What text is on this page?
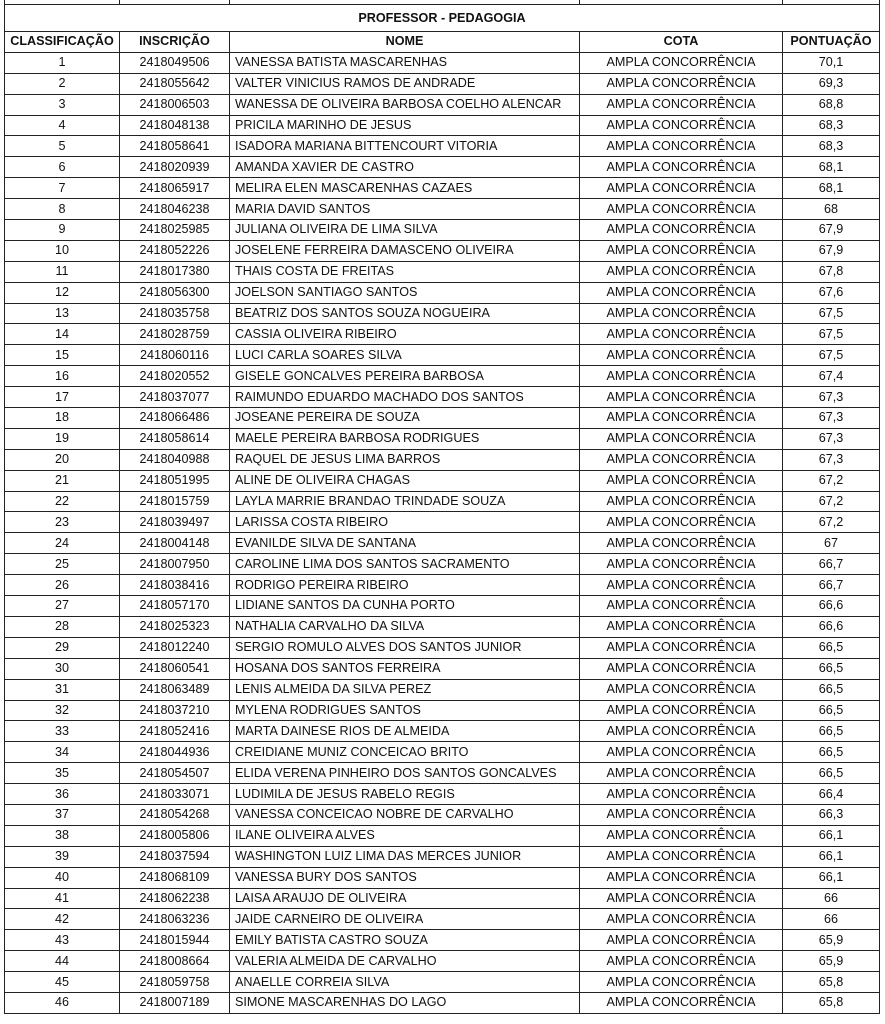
PROFESSOR - PEDAGOGIA				
CLASSIFICAÇÃO	INSCRIÇÃO	NOME	COTA	PONTUAÇÃO
1	2418049506	VANESSA BATISTA MASCARENHAS	AMPLA CONCORRÊNCIA	70,1
2	2418055642	VALTER VINICIUS RAMOS DE ANDRADE	AMPLA CONCORRÊNCIA	69,3
3	2418006503	WANESSA DE OLIVEIRA BARBOSA COELHO ALENCAR	AMPLA CONCORRÊNCIA	68,8
4	2418048138	PRICILA MARINHO DE JESUS	AMPLA CONCORRÊNCIA	68,3
5	2418058641	ISADORA MARIANA BITTENCOURT VITORIA	AMPLA CONCORRÊNCIA	68,3
6	2418020939	AMANDA XAVIER DE CASTRO	AMPLA CONCORRÊNCIA	68,1
7	2418065917	MELIRA ELEN MASCARENHAS CAZAES	AMPLA CONCORRÊNCIA	68,1
8	2418046238	MARIA DAVID SANTOS	AMPLA CONCORRÊNCIA	68
9	2418025985	JULIANA OLIVEIRA DE LIMA SILVA	AMPLA CONCORRÊNCIA	67,9
10	2418052226	JOSELENE FERREIRA DAMASCENO OLIVEIRA	AMPLA CONCORRÊNCIA	67,9
11	2418017380	THAIS COSTA DE FREITAS	AMPLA CONCORRÊNCIA	67,8
12	2418056300	JOELSON SANTIAGO SANTOS	AMPLA CONCORRÊNCIA	67,6
13	2418035758	BEATRIZ DOS SANTOS SOUZA NOGUEIRA	AMPLA CONCORRÊNCIA	67,5
14	2418028759	CASSIA OLIVEIRA RIBEIRO	AMPLA CONCORRÊNCIA	67,5
15	2418060116	LUCI CARLA SOARES SILVA	AMPLA CONCORRÊNCIA	67,5
16	2418020552	GISELE GONCALVES PEREIRA BARBOSA	AMPLA CONCORRÊNCIA	67,4
17	2418037077	RAIMUNDO EDUARDO MACHADO DOS SANTOS	AMPLA CONCORRÊNCIA	67,3
18	2418066486	JOSEANE PEREIRA DE SOUZA	AMPLA CONCORRÊNCIA	67,3
19	2418058614	MAELE PEREIRA BARBOSA RODRIGUES	AMPLA CONCORRÊNCIA	67,3
20	2418040988	RAQUEL DE JESUS LIMA BARROS	AMPLA CONCORRÊNCIA	67,3
21	2418051995	ALINE DE OLIVEIRA CHAGAS	AMPLA CONCORRÊNCIA	67,2
22	2418015759	LAYLA MARRIE BRANDAO TRINDADE SOUZA	AMPLA CONCORRÊNCIA	67,2
23	2418039497	LARISSA COSTA RIBEIRO	AMPLA CONCORRÊNCIA	67,2
24	2418004148	EVANILDE SILVA DE SANTANA	AMPLA CONCORRÊNCIA	67
25	2418007950	CAROLINE LIMA DOS SANTOS SACRAMENTO	AMPLA CONCORRÊNCIA	66,7
26	2418038416	RODRIGO PEREIRA RIBEIRO	AMPLA CONCORRÊNCIA	66,7
27	2418057170	LIDIANE SANTOS DA CUNHA PORTO	AMPLA CONCORRÊNCIA	66,6
28	2418025323	NATHALIA CARVALHO DA SILVA	AMPLA CONCORRÊNCIA	66,6
29	2418012240	SERGIO ROMULO ALVES DOS SANTOS JUNIOR	AMPLA CONCORRÊNCIA	66,5
30	2418060541	HOSANA DOS SANTOS FERREIRA	AMPLA CONCORRÊNCIA	66,5
31	2418063489	LENIS ALMEIDA DA SILVA PEREZ	AMPLA CONCORRÊNCIA	66,5
32	2418037210	MYLENA RODRIGUES SANTOS	AMPLA CONCORRÊNCIA	66,5
33	2418052416	MARTA DAINESE RIOS DE ALMEIDA	AMPLA CONCORRÊNCIA	66,5
34	2418044936	CREIDIANE MUNIZ CONCEICAO BRITO	AMPLA CONCORRÊNCIA	66,5
35	2418054507	ELIDA VERENA PINHEIRO DOS SANTOS GONCALVES	AMPLA CONCORRÊNCIA	66,5
36	2418033071	LUDIMILA DE JESUS RABELO REGIS	AMPLA CONCORRÊNCIA	66,4
37	2418054268	VANESSA CONCEICAO NOBRE DE CARVALHO	AMPLA CONCORRÊNCIA	66,3
38	2418005806	ILANE OLIVEIRA ALVES	AMPLA CONCORRÊNCIA	66,1
39	2418037594	WASHINGTON LUIZ LIMA DAS MERCES JUNIOR	AMPLA CONCORRÊNCIA	66,1
40	2418068109	VANESSA BURY DOS SANTOS	AMPLA CONCORRÊNCIA	66,1
41	2418062238	LAISA ARAUJO DE OLIVEIRA	AMPLA CONCORRÊNCIA	66
42	2418063236	JAIDE CARNEIRO DE OLIVEIRA	AMPLA CONCORRÊNCIA	66
43	2418015944	EMILY BATISTA CASTRO SOUZA	AMPLA CONCORRÊNCIA	65,9
44	2418008664	VALERIA ALMEIDA DE CARVALHO	AMPLA CONCORRÊNCIA	65,9
45	2418059758	ANAELLE CORREIA SILVA	AMPLA CONCORRÊNCIA	65,8
46	2418007189	SIMONE MASCARENHAS DO LAGO	AMPLA CONCORRÊNCIA	65,8
